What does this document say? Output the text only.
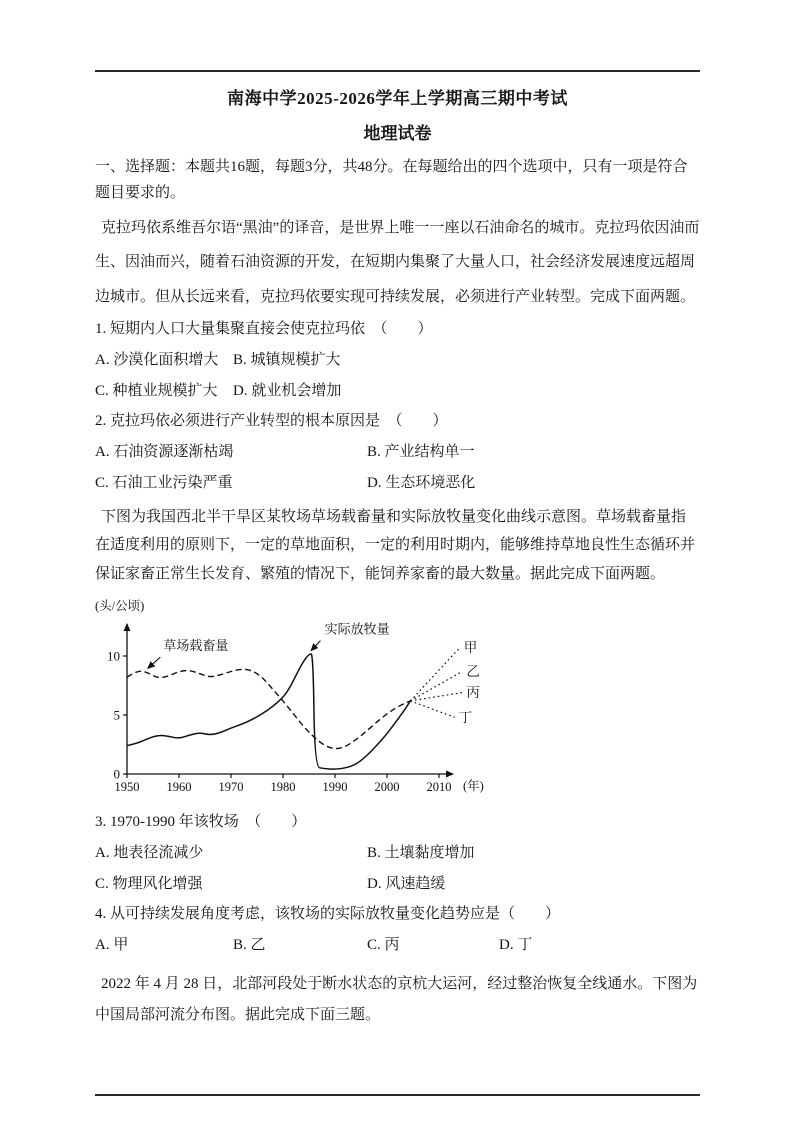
南海中学2025-2026学年上学期高三期中考试
地理试卷

一、选择题：本题共16题，每题3分，共48分。在每题给出的四个选项中，只有一项是符合题目要求的。

克拉玛依系维吾尔语“黑油”的译音，是世界上唯一一座以石油命名的城市。克拉玛依因油而生、因油而兴，随着石油资源的开发，在短期内集聚了大量人口，社会经济发展速度远超周边城市。但从长远来看，克拉玛依要实现可持续发展，必须进行产业转型。完成下面两题。

1. 短期内人口大量集聚直接会使克拉玛依　（　　）

A. 沙漠化面积增大 B. 城镇规模扩大
C. 种植业规模扩大	D. 就业机会增加

2. 克拉玛依必须进行产业转型的根本原因是　（　　）

A. 石油资源逐渐枯竭	B. 产业结构单一
C. 石油工业污染严重	D. 生态环境恶化

下图为我国西北半干旱区某牧场草场载畜量和实际放牧量变化曲线示意图。草场载畜量指在适度利用的原则下，一定的草地面积，一定的利用时期内，能够维持草地良性生态循环并保证家畜正常生长发育、繁殖的情况下，能饲养家畜的最大数量。据此完成下面两题。

(头/公顷)
(年)
0
5
10
1950 1960 1970 1980 1990 2000 2010
甲
乙
丙
丁
草场载畜量
实际放牧量

3. 1970-1990 年该牧场　（　　）

A. 地表径流减少	B. 土壤黏度增加
C. 物理风化增强	D. 风速趋缓

4. 从可持续发展角度考虑，该牧场的实际放牧量变化趋势应是（　　）

A. 甲	B. 乙	C. 丙	D. 丁

2022 年 4 月 28 日，北部河段处于断水状态的京杭大运河，经过整治恢复全线通水。下图为中国局部河流分布图。据此完成下面三题。
